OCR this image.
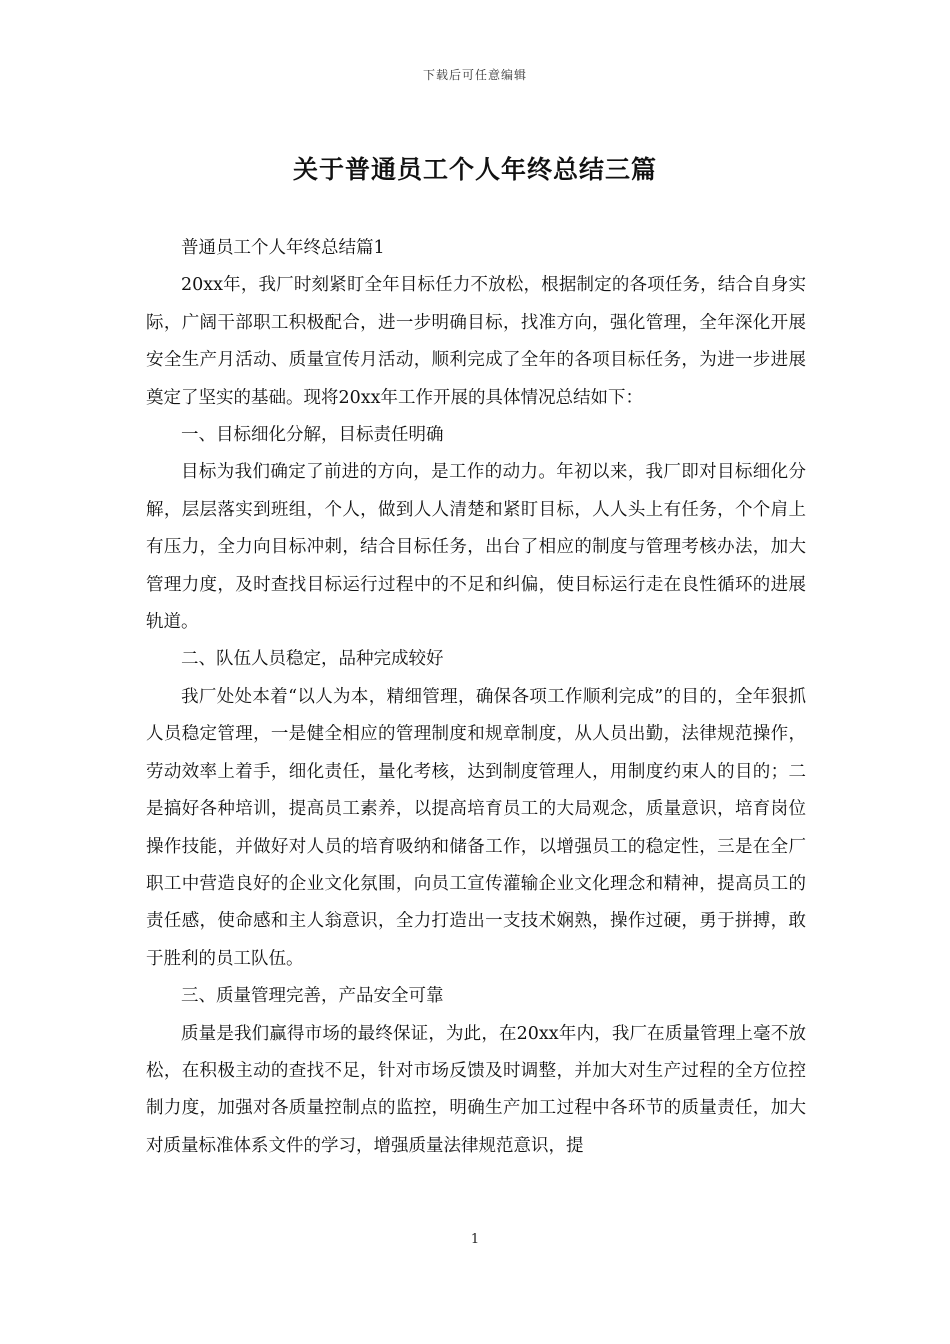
下载后可任意编辑
关于普通员工个人年终总结三篇

普通员工个人年终总结篇1

20xx年，我厂时刻紧盯全年目标任力不放松，根据制定的各项任务，结合自身实际，广阔干部职工积极配合，进一步明确目标，找准方向，强化管理，全年深化开展安全生产月活动、质量宣传月活动，顺利完成了全年的各项目标任务，为进一步进展奠定了坚实的基础。现将20xx年工作开展的具体情况总结如下：

一、目标细化分解，目标责任明确

目标为我们确定了前进的方向，是工作的动力。年初以来，我厂即对目标细化分解，层层落实到班组，个人，做到人人清楚和紧盯目标，人人头上有任务，个个肩上有压力，全力向目标冲刺，结合目标任务，出台了相应的制度与管理考核办法，加大管理力度，及时查找目标运行过程中的不足和纠偏，使目标运行走在良性循环的进展轨道。

二、队伍人员稳定，品种完成较好

我厂处处本着“以人为本，精细管理，确保各项工作顺利完成”的目的，全年狠抓人员稳定管理，一是健全相应的管理制度和规章制度，从人员出勤，法律规范操作，劳动效率上着手，细化责任，量化考核，达到制度管理人，用制度约束人的目的；二是搞好各种培训，提高员工素养，以提高培育员工的大局观念，质量意识，培育岗位操作技能，并做好对人员的培育吸纳和储备工作，以增强员工的稳定性，三是在全厂职工中营造良好的企业文化氛围，向员工宣传灌输企业文化理念和精神，提高员工的责任感，使命感和主人翁意识，全力打造出一支技术娴熟，操作过硬，勇于拼搏，敢于胜利的员工队伍。

三、质量管理完善，产品安全可靠

质量是我们赢得市场的最终保证，为此，在20xx年内，我厂在质量管理上毫不放松，在积极主动的查找不足，针对市场反馈及时调整，并加大对生产过程的全方位控制力度，加强对各质量控制点的监控，明确生产加工过程中各环节的质量责任，加大对质量标准体系文件的学习，增强质量法律规范意识，提

1
